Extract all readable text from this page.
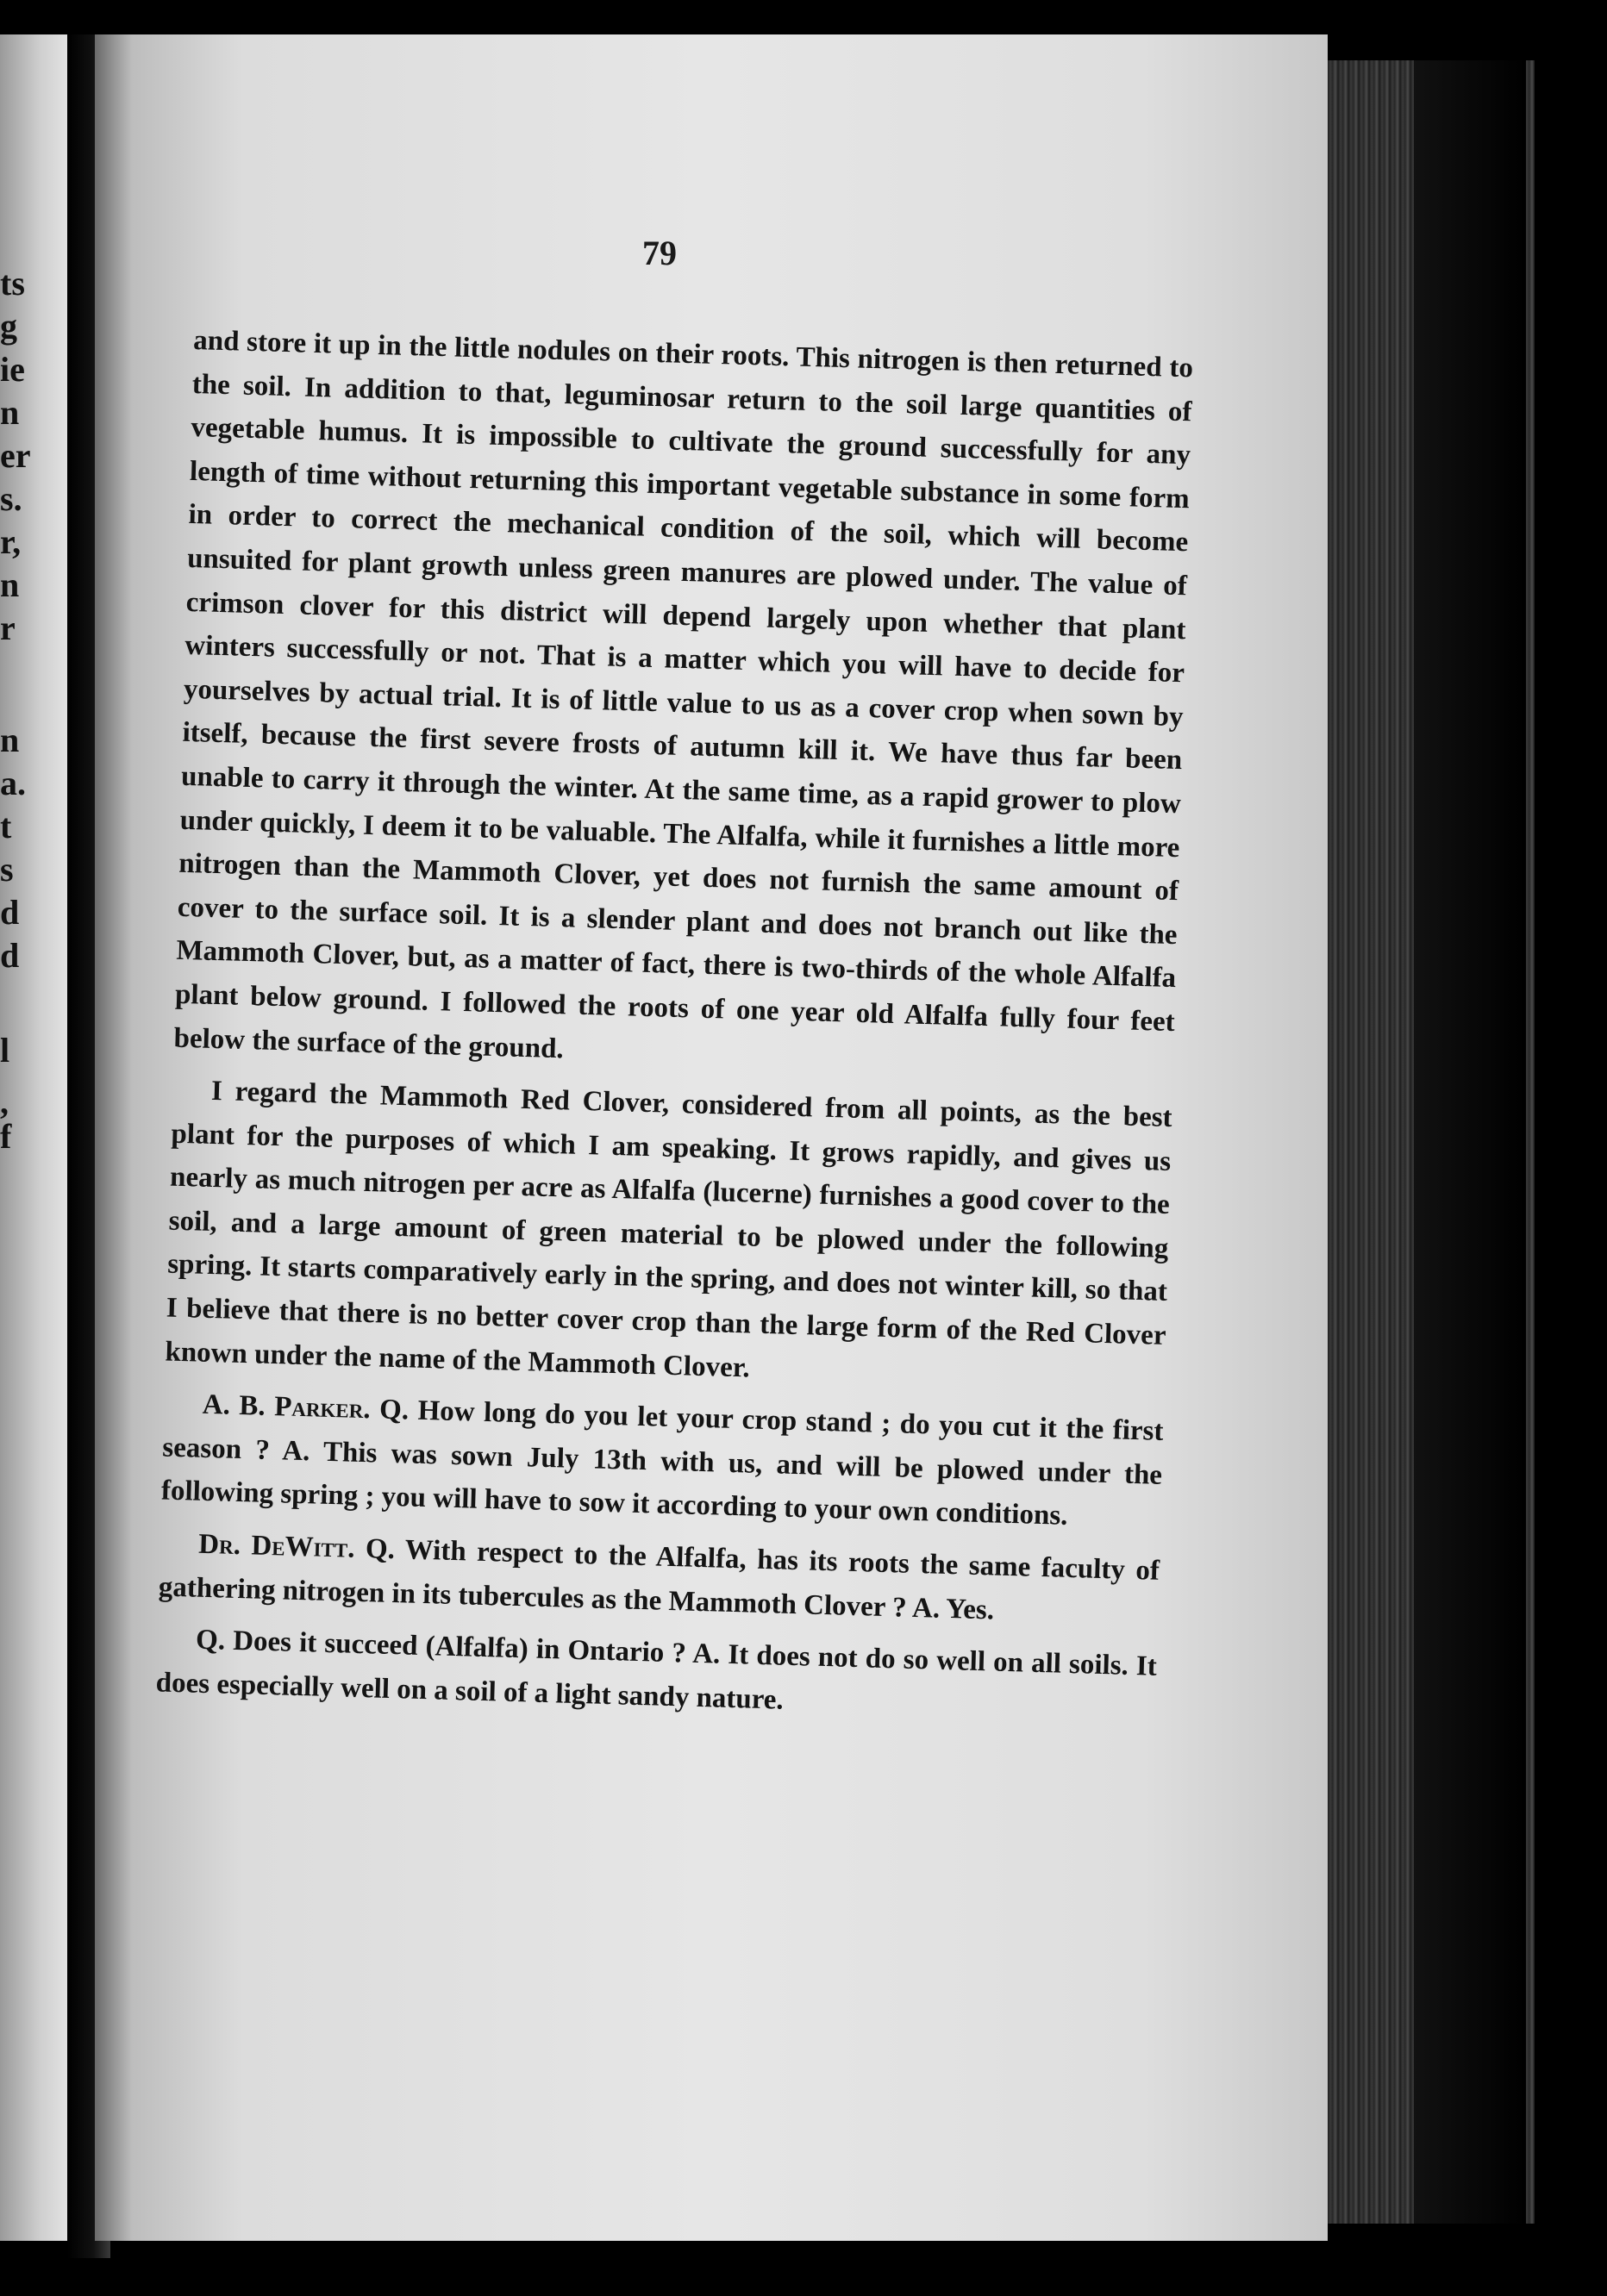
ts
g
ie
n
er
s.
r,
n
r
n
a.
t
s
d
d
l
,
f
79

and store it up in the little nodules on their roots. This nitrogen is then returned to the soil. In addition to that, leguminosar return to the soil large quantities of vegetable humus. It is impossible to cultivate the ground successfully for any length of time without returning this important vegetable substance in some form in order to correct the mechanical condition of the soil, which will become unsuited for plant growth unless green manures are plowed under. The value of crimson clover for this district will depend largely upon whether that plant winters successfully or not. That is a matter which you will have to decide for yourselves by actual trial. It is of little value to us as a cover crop when sown by itself, because the first severe frosts of autumn kill it. We have thus far been unable to carry it through the winter. At the same time, as a rapid grower to plow under quickly, I deem it to be valuable. The Alfalfa, while it furnishes a little more nitrogen than the Mammoth Clover, yet does not furnish the same amount of cover to the surface soil. It is a slender plant and does not branch out like the Mammoth Clover, but, as a matter of fact, there is two-thirds of the whole Alfalfa plant below ground. I followed the roots of one year old Alfalfa fully four feet below the surface of the ground.

I regard the Mammoth Red Clover, considered from all points, as the best plant for the purposes of which I am speaking. It grows rapidly, and gives us nearly as much nitrogen per acre as Alfalfa (lucerne) furnishes a good cover to the soil, and a large amount of green material to be plowed under the following spring. It starts comparatively early in the spring, and does not winter kill, so that I believe that there is no better cover crop than the large form of the Red Clover known under the name of the Mammoth Clover.

A. B. Parker. Q. How long do you let your crop stand ; do you cut it the first season ? A. This was sown July 13th with us, and will be plowed under the following spring ; you will have to sow it according to your own conditions.

Dr. DeWitt. Q. With respect to the Alfalfa, has its roots the same faculty of gathering nitrogen in its tubercules as the Mammoth Clover ? A. Yes.

Q. Does it succeed (Alfalfa) in Ontario ? A. It does not do so well on all soils. It does especially well on a soil of a light sandy nature.
